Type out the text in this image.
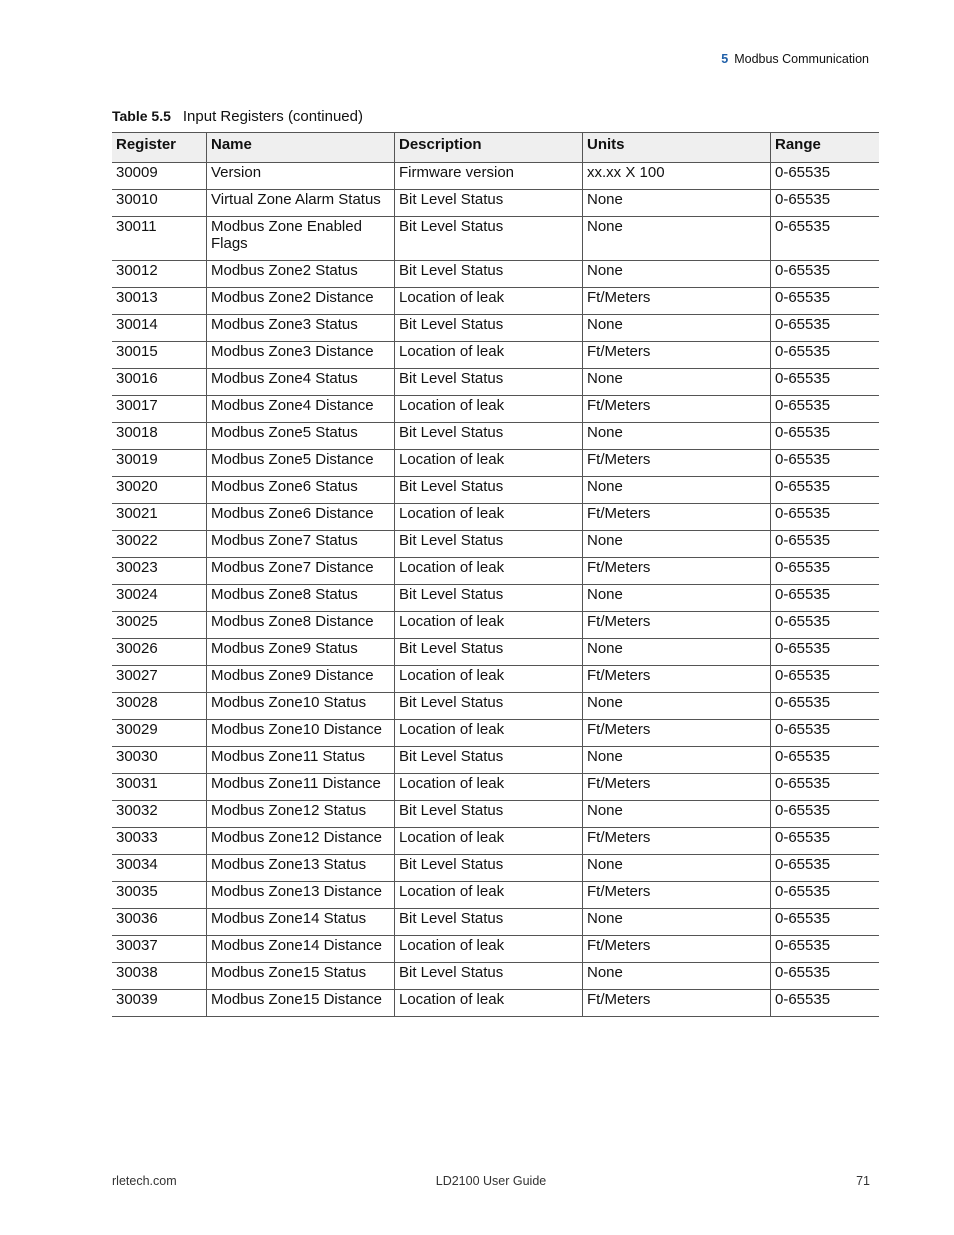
5 Modbus Communication
Table 5.5 Input Registers (continued)
Register	Name	Description	Units	Range
30009	Version	Firmware version	xx.xx X 100	0-65535
30010	Virtual Zone Alarm Status	Bit Level Status	None	0-65535
30011	Modbus Zone Enabled Flags	Bit Level Status	None	0-65535
30012	Modbus Zone2 Status	Bit Level Status	None	0-65535
30013	Modbus Zone2 Distance	Location of leak	Ft/Meters	0-65535
30014	Modbus Zone3 Status	Bit Level Status	None	0-65535
30015	Modbus Zone3 Distance	Location of leak	Ft/Meters	0-65535
30016	Modbus Zone4 Status	Bit Level Status	None	0-65535
30017	Modbus Zone4 Distance	Location of leak	Ft/Meters	0-65535
30018	Modbus Zone5 Status	Bit Level Status	None	0-65535
30019	Modbus Zone5 Distance	Location of leak	Ft/Meters	0-65535
30020	Modbus Zone6 Status	Bit Level Status	None	0-65535
30021	Modbus Zone6 Distance	Location of leak	Ft/Meters	0-65535
30022	Modbus Zone7 Status	Bit Level Status	None	0-65535
30023	Modbus Zone7 Distance	Location of leak	Ft/Meters	0-65535
30024	Modbus Zone8 Status	Bit Level Status	None	0-65535
30025	Modbus Zone8 Distance	Location of leak	Ft/Meters	0-65535
30026	Modbus Zone9 Status	Bit Level Status	None	0-65535
30027	Modbus Zone9 Distance	Location of leak	Ft/Meters	0-65535
30028	Modbus Zone10 Status	Bit Level Status	None	0-65535
30029	Modbus Zone10 Distance	Location of leak	Ft/Meters	0-65535
30030	Modbus Zone11 Status	Bit Level Status	None	0-65535
30031	Modbus Zone11 Distance	Location of leak	Ft/Meters	0-65535
30032	Modbus Zone12 Status	Bit Level Status	None	0-65535
30033	Modbus Zone12 Distance	Location of leak	Ft/Meters	0-65535
30034	Modbus Zone13 Status	Bit Level Status	None	0-65535
30035	Modbus Zone13 Distance	Location of leak	Ft/Meters	0-65535
30036	Modbus Zone14 Status	Bit Level Status	None	0-65535
30037	Modbus Zone14 Distance	Location of leak	Ft/Meters	0-65535
30038	Modbus Zone15 Status	Bit Level Status	None	0-65535
30039	Modbus Zone15 Distance	Location of leak	Ft/Meters	0-65535
rletech.com	LD2100 User Guide	71
